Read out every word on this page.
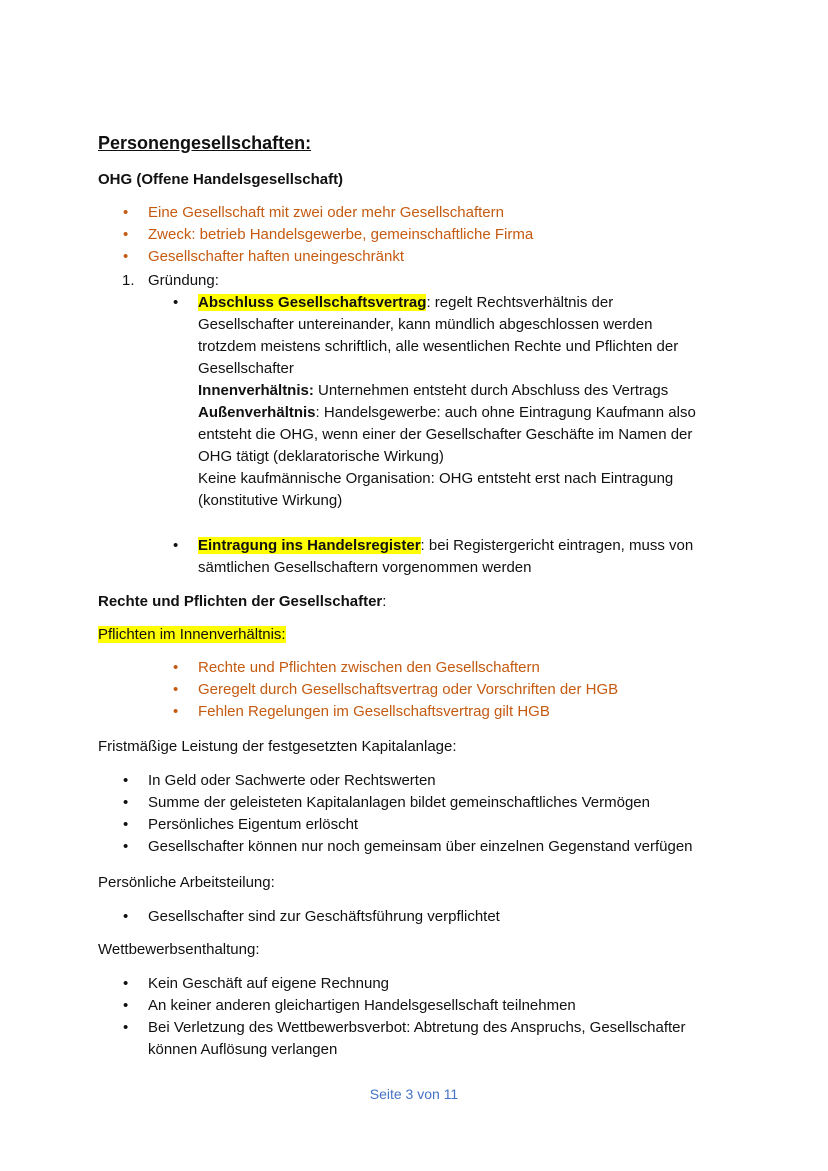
Personengesellschaften:
OHG (Offene Handelsgesellschaft)
• Eine Gesellschaft mit zwei oder mehr Gesellschaftern
• Zweck: betrieb Handelsgewerbe, gemeinschaftliche Firma
• Gesellschafter haften uneingeschränkt
1. Gründung:
• Abschluss Gesellschaftsvertrag: regelt Rechtsverhältnis der Gesellschafter untereinander, kann mündlich abgeschlossen werden trotzdem meistens schriftlich, alle wesentlichen Rechte und Pflichten der Gesellschafter
Innenverhältnis: Unternehmen entsteht durch Abschluss des Vertrags
Außenverhältnis: Handelsgewerbe: auch ohne Eintragung Kaufmann also entsteht die OHG, wenn einer der Gesellschafter Geschäfte im Namen der OHG tätigt (deklaratorische Wirkung)
Keine kaufmännische Organisation: OHG entsteht erst nach Eintragung (konstitutive Wirkung)
• Eintragung ins Handelsregister: bei Registergericht eintragen, muss von sämtlichen Gesellschaftern vorgenommen werden
Rechte und Pflichten der Gesellschafter:
Pflichten im Innenverhältnis:
• Rechte und Pflichten zwischen den Gesellschaftern
• Geregelt durch Gesellschaftsvertrag oder Vorschriften der HGB
• Fehlen Regelungen im Gesellschaftsvertrag gilt HGB
Fristmäßige Leistung der festgesetzten Kapitalanlage:
• In Geld oder Sachwerte oder Rechtswerten
• Summe der geleisteten Kapitalanlagen bildet gemeinschaftliches Vermögen
• Persönliches Eigentum erlöscht
• Gesellschafter können nur noch gemeinsam über einzelnen Gegenstand verfügen
Persönliche Arbeitsteilung:
• Gesellschafter sind zur Geschäftsführung verpflichtet
Wettbewerbsenthaltung:
• Kein Geschäft auf eigene Rechnung
• An keiner anderen gleichartigen Handelsgesellschaft teilnehmen
• Bei Verletzung des Wettbewerbsverbot: Abtretung des Anspruchs, Gesellschafter können Auflösung verlangen
Seite 3 von 11
